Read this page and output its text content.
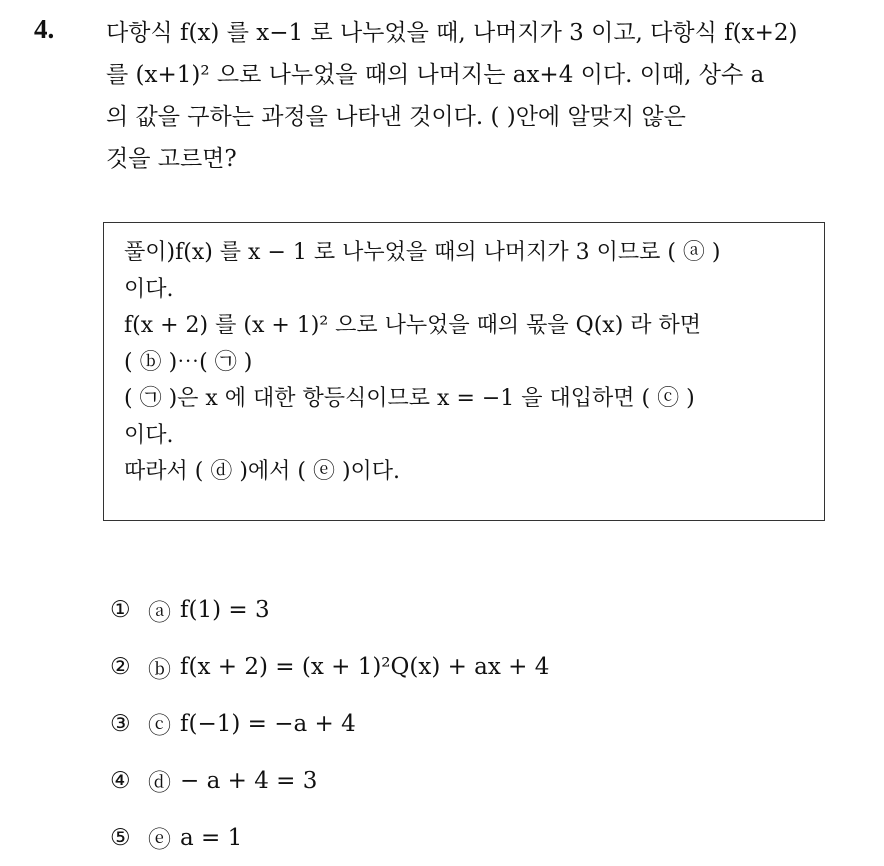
4. 다항식 f(x) 를 x−1 로 나누었을 때, 나머지가 3 이고, 다항식 f(x+2)
를 (x+1)² 으로 나누었을 때의 나머지는 ax+4 이다. 이때, 상수 a
의 값을 구하는 과정을 나타낸 것이다. ( )안에 알맞지 않은
것을 고르면?
풀이)f(x) 를 x − 1 로 나누었을 때의 나머지가 3 이므로 ( ⓐ )
이다.
f(x + 2) 를 (x + 1)² 으로 나누었을 때의 몫을 Q(x) 라 하면
( ⓑ )⋯( ㉠ )
( ㉠ )은 x 에 대한 항등식이므로 x = −1 을 대입하면 ( ⓒ )
이다.
따라서 ( ⓓ )에서 ( ⓔ )이다.
① ⓐ f(1) = 3
② ⓑ f(x + 2) = (x + 1)²Q(x) + ax + 4
③ ⓒ f(−1) = −a + 4
④ ⓓ − a + 4 = 3
⑤ ⓔ a = 1
